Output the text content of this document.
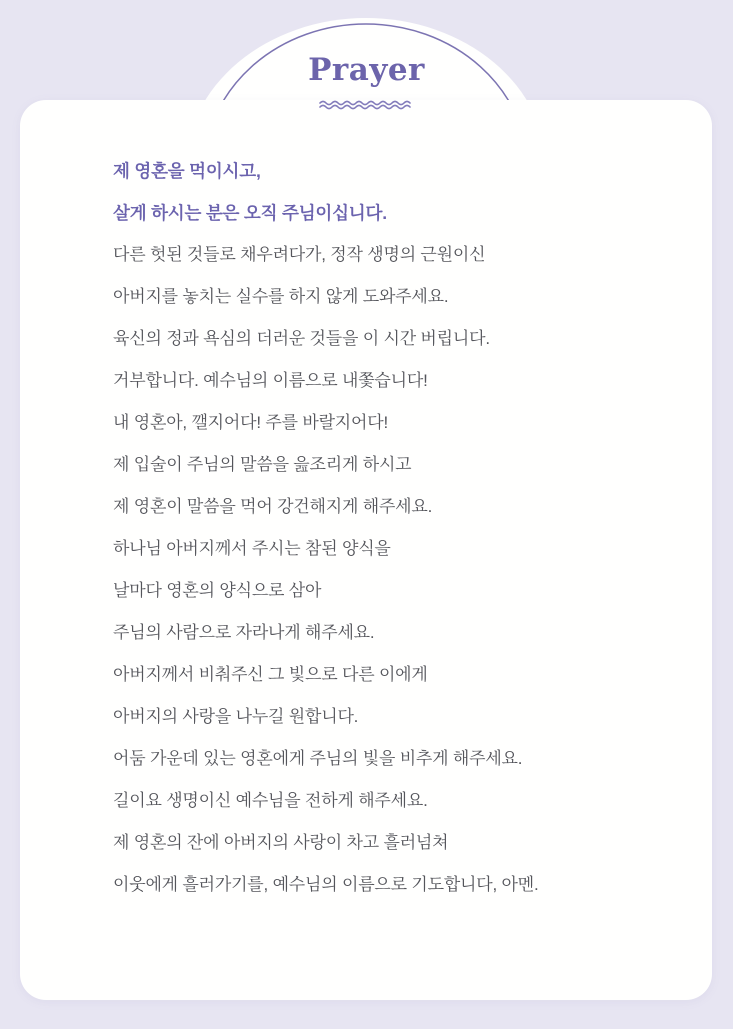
Prayer

제 영혼을 먹이시고,

살게 하시는 분은 오직 주님이십니다.

다른 헛된 것들로 채우려다가, 정작 생명의 근원이신

아버지를 놓치는 실수를 하지 않게 도와주세요.

육신의 정과 욕심의 더러운 것들을 이 시간 버립니다.

거부합니다. 예수님의 이름으로 내쫓습니다!

내 영혼아, 깰지어다! 주를 바랄지어다!

제 입술이 주님의 말씀을 읊조리게 하시고

제 영혼이 말씀을 먹어 강건해지게 해주세요.

하나님 아버지께서 주시는 참된 양식을

날마다 영혼의 양식으로 삼아

주님의 사람으로 자라나게 해주세요.

아버지께서 비춰주신 그 빛으로 다른 이에게

아버지의 사랑을 나누길 원합니다.

어둠 가운데 있는 영혼에게 주님의 빛을 비추게 해주세요.

길이요 생명이신 예수님을 전하게 해주세요.

제 영혼의 잔에 아버지의 사랑이 차고 흘러넘쳐

이웃에게 흘러가기를, 예수님의 이름으로 기도합니다, 아멘.
